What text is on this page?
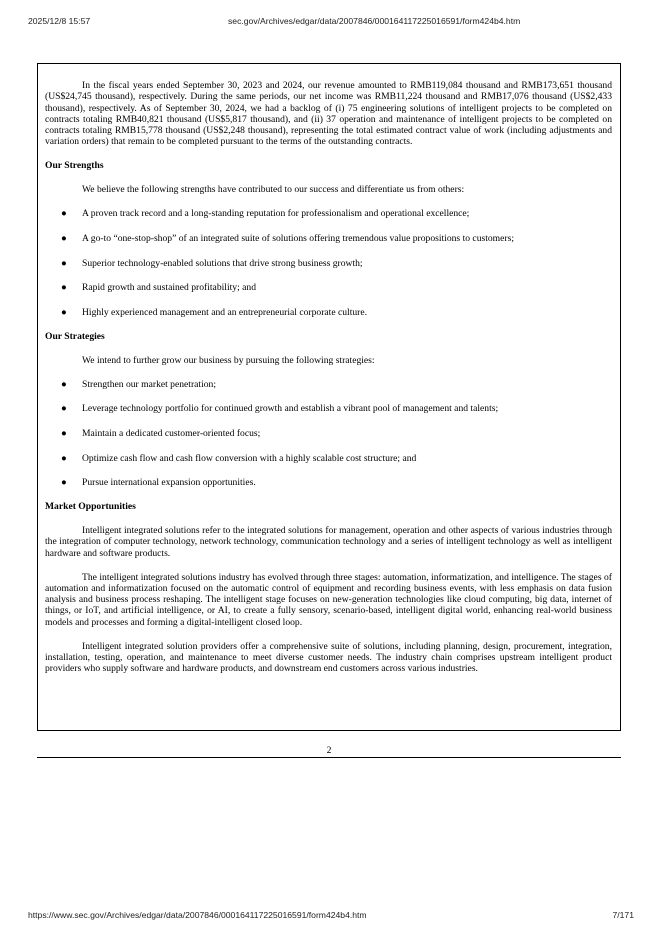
2025/12/8 15:57	sec.gov/Archives/edgar/data/2007846/000164117225016591/form424b4.htm

In the fiscal years ended September 30, 2023 and 2024, our revenue amounted to RMB119,084 thousand and RMB173,651 thousand (US$24,745 thousand), respectively. During the same periods, our net income was RMB11,224 thousand and RMB17,076 thousand (US$2,433 thousand), respectively. As of September 30, 2024, we had a backlog of (i) 75 engineering solutions of intelligent projects to be completed on contracts totaling RMB40,821 thousand (US$5,817 thousand), and (ii) 37 operation and maintenance of intelligent projects to be completed on contracts totaling RMB15,778 thousand (US$2,248 thousand), representing the total estimated contract value of work (including adjustments and variation orders) that remain to be completed pursuant to the terms of the outstanding contracts.

Our Strengths

We believe the following strengths have contributed to our success and differentiate us from others:

● A proven track record and a long-standing reputation for professionalism and operational excellence;
● A go-to “one-stop-shop” of an integrated suite of solutions offering tremendous value propositions to customers;
● Superior technology-enabled solutions that drive strong business growth;
● Rapid growth and sustained profitability; and
● Highly experienced management and an entrepreneurial corporate culture.
Our Strategies

We intend to further grow our business by pursuing the following strategies:

● Strengthen our market penetration;
● Leverage technology portfolio for continued growth and establish a vibrant pool of management and talents;
● Maintain a dedicated customer-oriented focus;
● Optimize cash flow and cash flow conversion with a highly scalable cost structure; and
● Pursue international expansion opportunities.
Market Opportunities

Intelligent integrated solutions refer to the integrated solutions for management, operation and other aspects of various industries through the integration of computer technology, network technology, communication technology and a series of intelligent technology as well as intelligent hardware and software products.

The intelligent integrated solutions industry has evolved through three stages: automation, informatization, and intelligence. The stages of automation and informatization focused on the automatic control of equipment and recording business events, with less emphasis on data fusion analysis and business process reshaping. The intelligent stage focuses on new-generation technologies like cloud computing, big data, internet of things, or IoT, and artificial intelligence, or AI, to create a fully sensory, scenario-based, intelligent digital world, enhancing real-world business models and processes and forming a digital-intelligent closed loop.

Intelligent integrated solution providers offer a comprehensive suite of solutions, including planning, design, procurement, integration, installation, testing, operation, and maintenance to meet diverse customer needs. The industry chain comprises upstream intelligent product providers who supply software and hardware products, and downstream end customers across various industries.

2
https://www.sec.gov/Archives/edgar/data/2007846/000164117225016591/form424b4.htm	7/171
